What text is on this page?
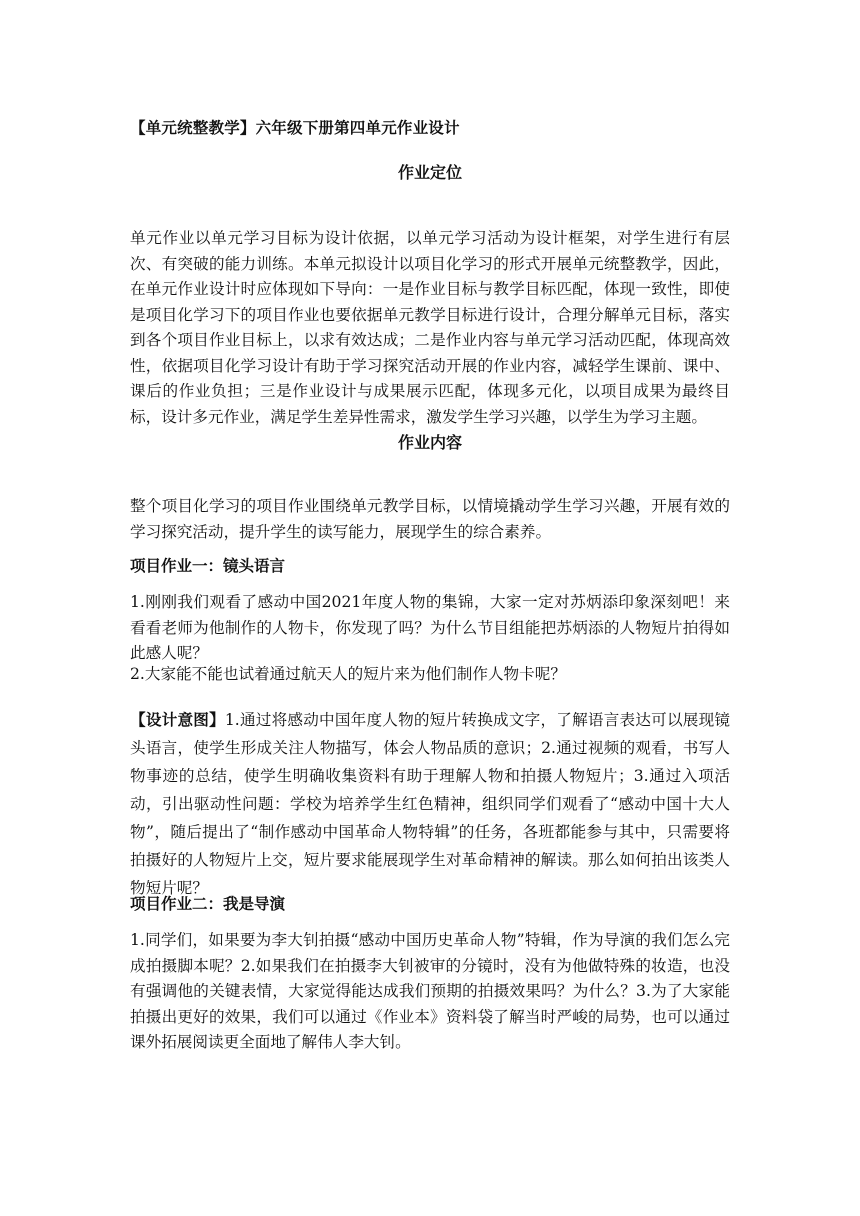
【单元统整教学】六年级下册第四单元作业设计
作业定位

单元作业以单元学习目标为设计依据，以单元学习活动为设计框架，对学生进行有层次、有突破的能力训练。本单元拟设计以项目化学习的形式开展单元统整教学，因此，在单元作业设计时应体现如下导向：一是作业目标与教学目标匹配，体现一致性，即使是项目化学习下的项目作业也要依据单元教学目标进行设计，合理分解单元目标，落实到各个项目作业目标上，以求有效达成；二是作业内容与单元学习活动匹配，体现高效性，依据项目化学习设计有助于学习探究活动开展的作业内容，减轻学生课前、课中、课后的作业负担；三是作业设计与成果展示匹配，体现多元化，以项目成果为最终目标，设计多元作业，满足学生差异性需求，激发学生学习兴趣，以学生为学习主题。

作业内容

整个项目化学习的项目作业围绕单元教学目标，以情境撬动学生学习兴趣，开展有效的学习探究活动，提升学生的读写能力，展现学生的综合素养。

项目作业一：镜头语言

1.刚刚我们观看了感动中国2021年度人物的集锦，大家一定对苏炳添印象深刻吧！来看看老师为他制作的人物卡，你发现了吗？为什么节目组能把苏炳添的人物短片拍得如此感人呢？

2.大家能不能也试着通过航天人的短片来为他们制作人物卡呢？

【设计意图】1.通过将感动中国年度人物的短片转换成文字，了解语言表达可以展现镜头语言，使学生形成关注人物描写，体会人物品质的意识；2.通过视频的观看，书写人物事迹的总结，使学生明确收集资料有助于理解人物和拍摄人物短片；3.通过入项活动，引出驱动性问题：学校为培养学生红色精神，组织同学们观看了“感动中国十大人物”，随后提出了“制作感动中国革命人物特辑”的任务，各班都能参与其中，只需要将拍摄好的人物短片上交，短片要求能展现学生对革命精神的解读。那么如何拍出该类人物短片呢？

项目作业二：我是导演

1.同学们，如果要为李大钊拍摄“感动中国历史革命人物”特辑，作为导演的我们怎么完成拍摄脚本呢？2.如果我们在拍摄李大钊被审的分镜时，没有为他做特殊的妆造，也没有强调他的关键表情，大家觉得能达成我们预期的拍摄效果吗？为什么？3.为了大家能拍摄出更好的效果，我们可以通过《作业本》资料袋了解当时严峻的局势，也可以通过课外拓展阅读更全面地了解伟人李大钊。
